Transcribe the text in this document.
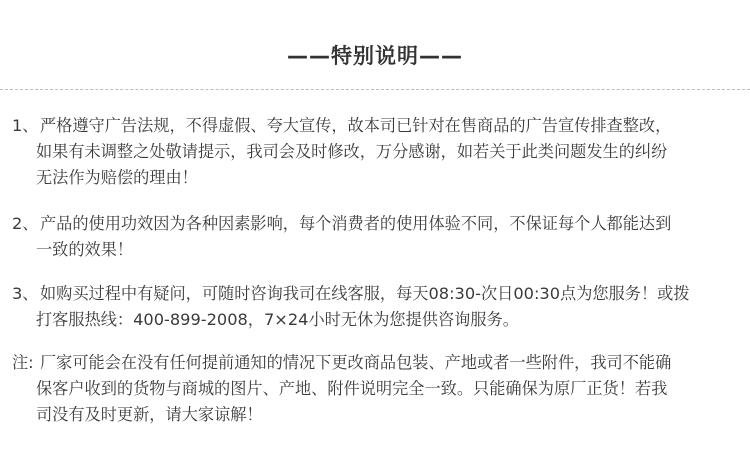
——特别说明——
1、 严格遵守广告法规，不得虚假、夸大宣传，故本司已针对在售商品的广告宣传排查整改，
如果有未调整之处敬请提示，我司会及时修改，万分感谢，如若关于此类问题发生的纠纷
无法作为赔偿的理由！
2、 产品的使用功效因为各种因素影响，每个消费者的使用体验不同，不保证每个人都能达到
一致的效果！
3、 如购买过程中有疑问，可随时咨询我司在线客服，每天08:30-次日00:30点为您服务！或拨
打客服热线：400-899-2008，7×24小时无休为您提供咨询服务。
注: 厂家可能会在没有任何提前通知的情况下更改商品包装、产地或者一些附件，我司不能确
保客户收到的货物与商城的图片、产地、附件说明完全一致。只能确保为原厂正货！若我
司没有及时更新，请大家谅解！
